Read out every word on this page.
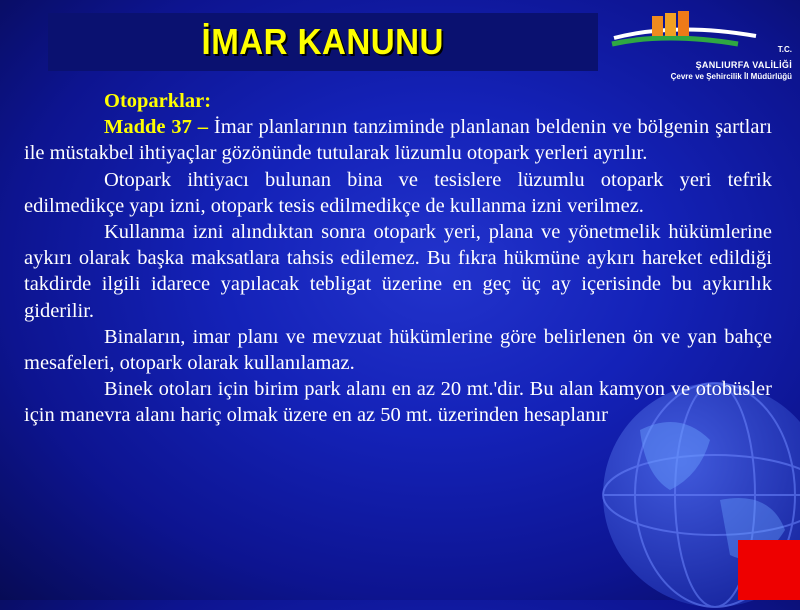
İMAR KANUNU	T.C.
ŞANLIURFA VALİLİĞİ
Çevre ve Şehircilik İl Müdürlüğü

Otoparklar:

Madde 37 – İmar planlarının tanziminde planlanan beldenin ve bölgenin şartları ile müstakbel ihtiyaçlar gözönünde tutularak lüzumlu otopark yerleri ayrılır.

Otopark ihtiyacı bulunan bina ve tesislere lüzumlu otopark yeri tefrik edilmedikçe yapı izni, otopark tesis edilmedikçe de kullanma izni verilmez.

Kullanma izni alındıktan sonra otopark yeri, plana ve yönetmelik hükümlerine aykırı olarak başka maksatlara tahsis edilemez. Bu fıkra hükmüne aykırı hareket edildiği takdirde ilgili idarece yapılacak tebligat üzerine en geç üç ay içerisinde bu aykırılık giderilir.

Binaların, imar planı ve mevzuat hükümlerine göre belirlenen ön ve yan bahçe mesafeleri, otopark olarak kullanılamaz.

Binek otoları için birim park alanı en az 20 mt.'dir. Bu alan kamyon ve otobüsler için manevra alanı hariç olmak üzere en az 50 mt. üzerinden hesaplanır
